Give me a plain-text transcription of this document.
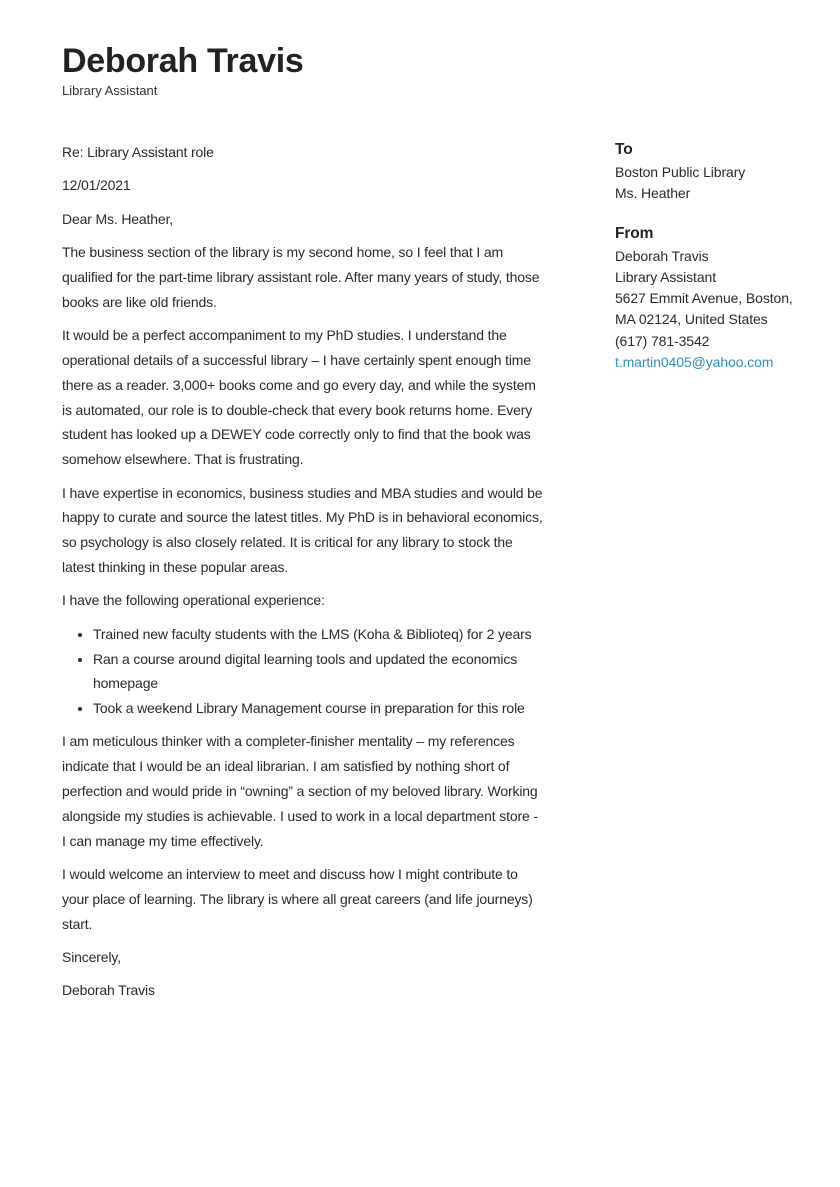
Deborah Travis
Library Assistant

Re: Library Assistant role

12/01/2021

Dear Ms. Heather,

The business section of the library is my second home, so I feel that I am qualified for the part-time library assistant role. After many years of study, those books are like old friends.

It would be a perfect accompaniment to my PhD studies. I understand the operational details of a successful library – I have certainly spent enough time there as a reader. 3,000+ books come and go every day, and while the system is automated, our role is to double-check that every book returns home. Every student has looked up a DEWEY code correctly only to find that the book was somehow elsewhere. That is frustrating.

I have expertise in economics, business studies and MBA studies and would be happy to curate and source the latest titles. My PhD is in behavioral economics, so psychology is also closely related. It is critical for any library to stock the latest thinking in these popular areas.

I have the following operational experience:

• Trained new faculty students with the LMS (Koha & Biblioteq) for 2 years
• Ran a course around digital learning tools and updated the economics homepage
• Took a weekend Library Management course in preparation for this role

I am meticulous thinker with a completer-finisher mentality – my references indicate that I would be an ideal librarian. I am satisfied by nothing short of perfection and would pride in “owning” a section of my beloved library. Working alongside my studies is achievable. I used to work in a local department store - I can manage my time effectively.

I would welcome an interview to meet and discuss how I might contribute to your place of learning. The library is where all great careers (and life journeys) start.

Sincerely,

Deborah Travis

To
Boston Public Library
Ms. Heather
From
Deborah Travis
Library Assistant
5627 Emmit Avenue, Boston, MA 02124, United States
(617) 781-3542
t.martin0405@yahoo.com
